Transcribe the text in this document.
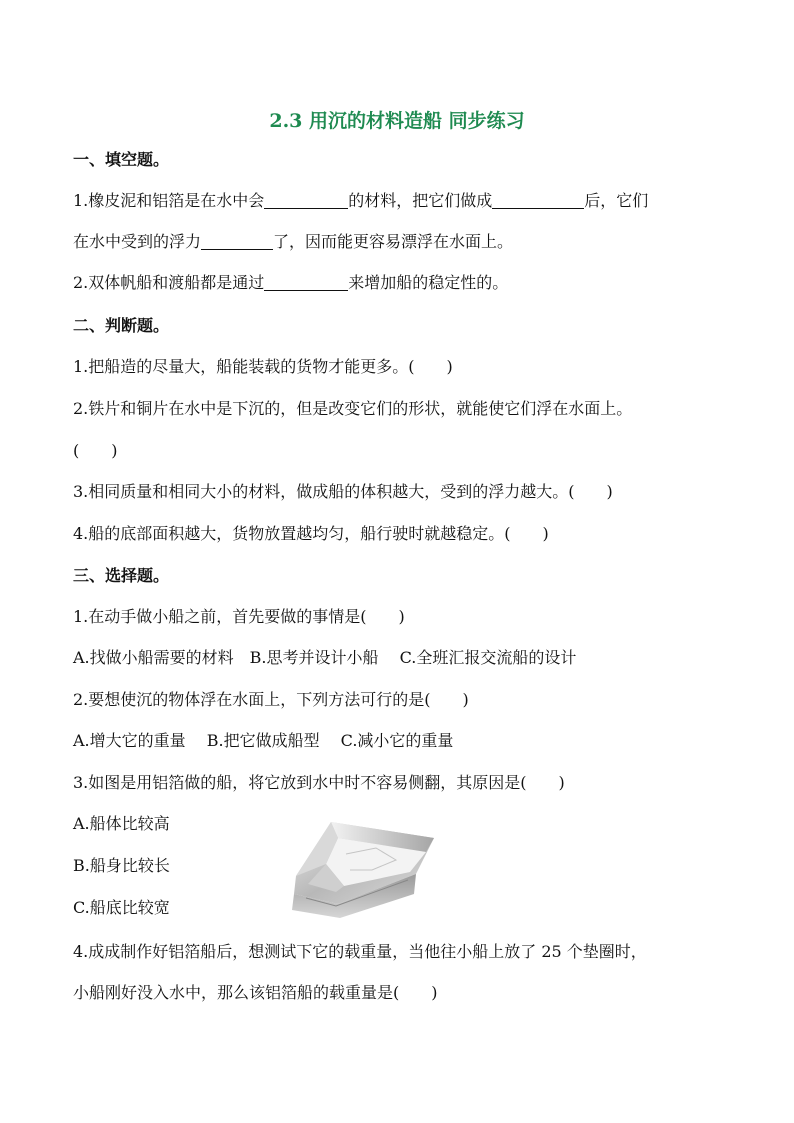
2.3 用沉的材料造船 同步练习
一、填空题。
1.橡皮泥和铝箔是在水中会	的材料，把它们做成	后，它们
在水中受到的浮力	了，因而能更容易漂浮在水面上。
2.双体帆船和渡船都是通过	来增加船的稳定性的。
二、判断题。
1.把船造的尽量大，船能装载的货物才能更多。(　　)
2.铁片和铜片在水中是下沉的，但是改变它们的形状，就能使它们浮在水面上。
(　　)
3.相同质量和相同大小的材料，做成船的体积越大，受到的浮力越大。(　　)
4.船的底部面积越大，货物放置越均匀，船行驶时就越稳定。(　　)
三、选择题。
1.在动手做小船之前，首先要做的事情是(　　)
A.找做小船需要的材料　B.思考并设计小船　 C.全班汇报交流船的设计
2.要想使沉的物体浮在水面上，下列方法可行的是(　　)
A.增大它的重量　 B.把它做成船型　 C.减小它的重量
3.如图是用铝箔做的船，将它放到水中时不容易侧翻，其原因是(　　)
A.船体比较高
B.船身比较长
C.船底比较宽
4.成成制作好铝箔船后，想测试下它的载重量，当他往小船上放了 25 个垫圈时，
小船刚好没入水中，那么该铝箔船的载重量是(　　)
